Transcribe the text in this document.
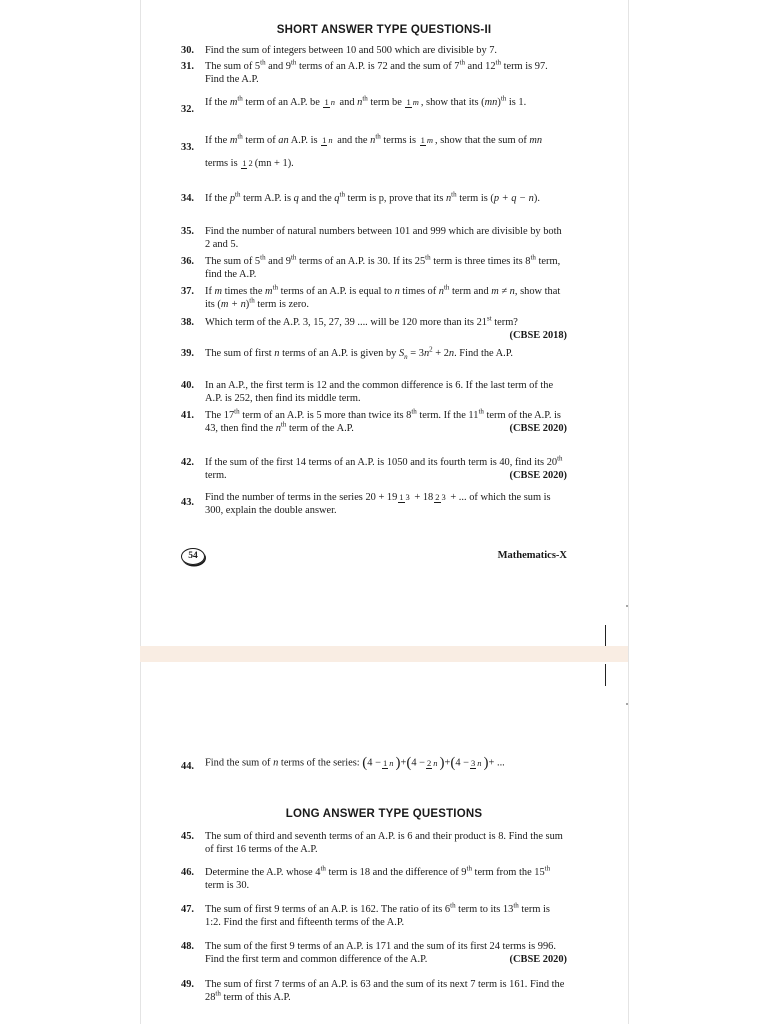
SHORT ANSWER TYPE QUESTIONS-II
30. Find the sum of integers between 10 and 500 which are divisible by 7.
31. The sum of 5th and 9th terms of an A.P. is 72 and the sum of 7th and 12th term is 97. Find the A.P.
32.
If the $m^{th}$ term of an A.P. be 1 n and $n^{th}$ term be 1 m , show that its (mn)$^{th}$ is 1.
33.
If the $m^{th}$ term of an A.P. is 1 n and the $n^{th}$ terms is 1 m , show that the sum of mn
terms is 1 2 (mn + 1).
34. If the $p^{th}$ term A.P. is q and the $q^{th}$ term is p, prove that its $n^{th}$ term is (p + q − n).
35. Find the number of natural numbers between 101 and 999 which are divisible by both 2 and 5.
36. The sum of 5th and 9th terms of an A.P. is 30. If its 25th term is three times its 8th term, find the A.P.
37. If m times the $m^{th}$ terms of an A.P. is equal to n times of $n^{th}$ term and m ≠ n, show that its $(m + n)^{th}$ term is zero.
38. Which term of the A.P. 3, 15, 27, 39 .... will be 120 more than its 21st term?
(CBSE 2018)
39. The sum of first n terms of an A.P. is given by $S_n = 3n^2 + 2n$. Find the A.P.
40. In an A.P., the first term is 12 and the common difference is 6. If the last term of the A.P. is 252, then find its middle term.
41. The 17th term of an A.P. is 5 more than twice its 8th term. If the 11th term of the A.P. is 43, then find the $n^{th}$ term of the A.P.	(CBSE 2020)
42. If the sum of the first 14 terms of an A.P. is 1050 and its fourth term is 40, find its 20th term.	(CBSE 2020)
43. Find the number of terms in the series 20 + 19 1 3 + 18 2 3 + ... of which the sum is 300, explain the double answer.
54	Mathematics-X
44. Find the sum of n terms of the series: (4 − 1 n )+(4 − 2 n )+(4 − 3 n )+ ...
LONG ANSWER TYPE QUESTIONS
45. The sum of third and seventh terms of an A.P. is 6 and their product is 8. Find the sum of first 16 terms of the A.P.
46. Determine the A.P. whose 4th term is 18 and the difference of 9th term from the 15th term is 30.
47. The sum of first 9 terms of an A.P. is 162. The ratio of its 6th term to its 13th term is 1:2. Find the first and fifteenth terms of the A.P.
48. The sum of the first 9 terms of an A.P. is 171 and the sum of its first 24 terms is 996. Find the first term and common difference of the A.P.	(CBSE 2020)
49. The sum of first 7 terms of an A.P. is 63 and the sum of its next 7 term is 161. Find the 28th term of this A.P.
